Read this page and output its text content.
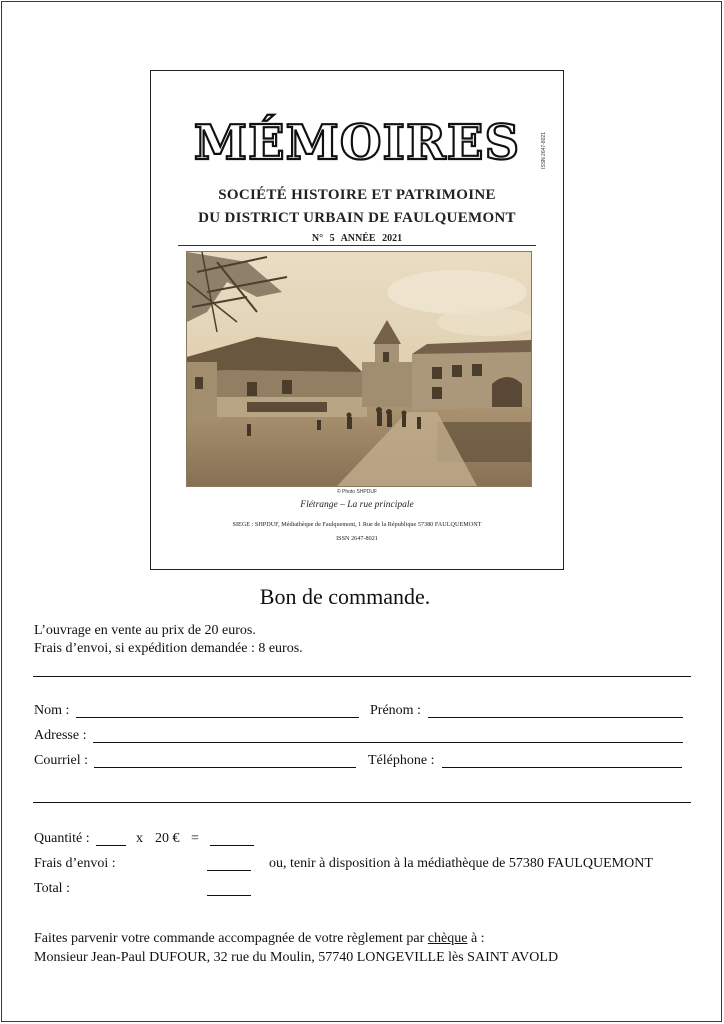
MÉMOIRES	ISSN 2647-8021
SOCIÉTÉ HISTOIRE ET PATRIMOINE
DU DISTRICT URBAIN DE FAULQUEMONT
N° 5 ANNÉE 2021
© Photo SHPDUF
Flétrange – La rue principale
SIEGE : SHPDUF, Médiathèque de Faulquemont, 1 Rue de la République 57380 FAULQUEMONT
ISSN 2647-8021
Bon de commande.
L’ouvrage en vente au prix de 20 euros.
Frais d’envoi, si expédition demandée : 8 euros.
Nom :	Prénom :
Adresse :
Courriel :	Téléphone :
Quantité :	x 20 € =
Frais d’envoi :	ou, tenir à disposition à la médiathèque de 57380 FAULQUEMONT
Total :
Faites parvenir votre commande accompagnée de votre règlement par chèque à :
Monsieur Jean-Paul DUFOUR, 32 rue du Moulin, 57740 LONGEVILLE lès SAINT AVOLD
